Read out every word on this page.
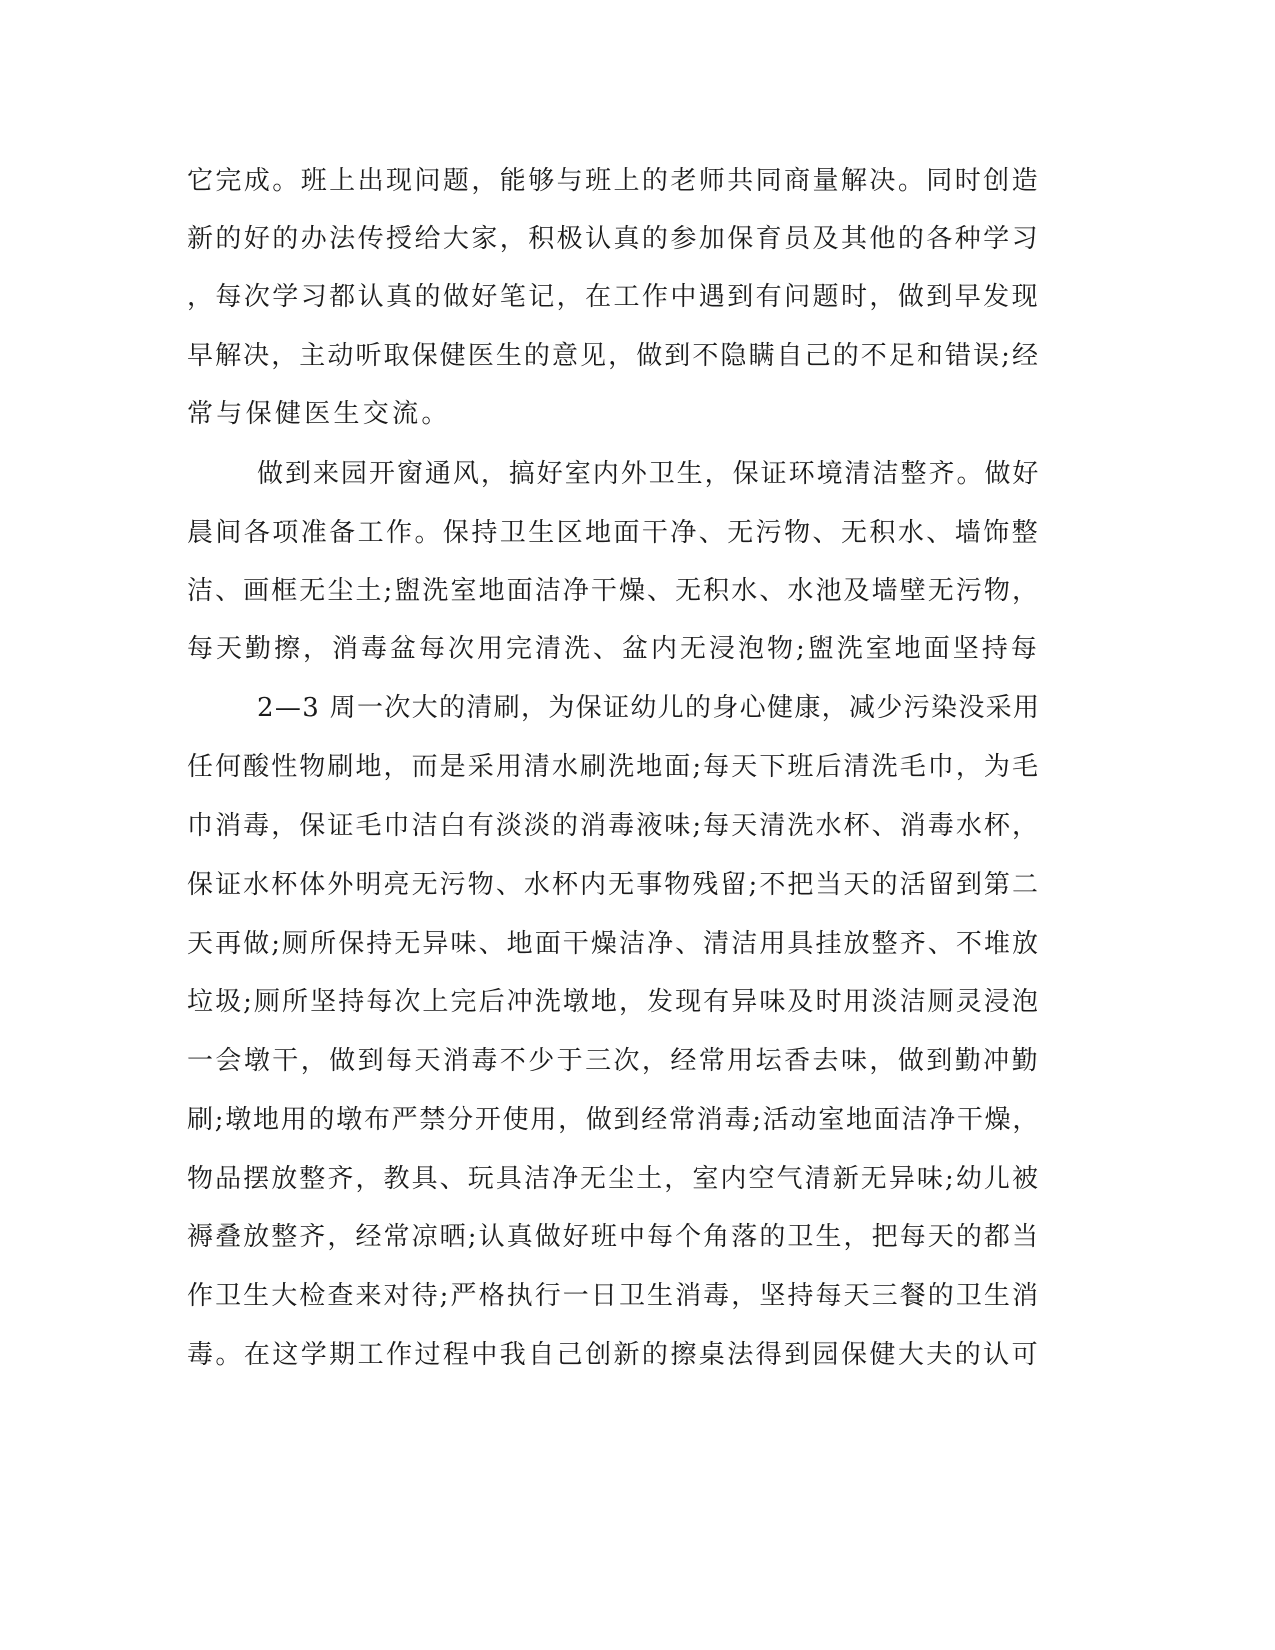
它完成。班上出现问题，能够与班上的老师共同商量解决。同时创造
新的好的办法传授给大家，积极认真的参加保育员及其他的各种学习
，每次学习都认真的做好笔记，在工作中遇到有问题时，做到早发现
早解决，主动听取保健医生的意见，做到不隐瞒自己的不足和错误;经
常与保健医生交流。
做到来园开窗通风，搞好室内外卫生，保证环境清洁整齐。做好
晨间各项准备工作。保持卫生区地面干净、无污物、无积水、墙饰整
洁、画框无尘土;盥洗室地面洁净干燥、无积水、水池及墙壁无污物，
每天勤擦，消毒盆每次用完清洗、盆内无浸泡物;盥洗室地面坚持每
2—3 周一次大的清刷，为保证幼儿的身心健康，减少污染没采用
任何酸性物刷地，而是采用清水刷洗地面;每天下班后清洗毛巾，为毛
巾消毒，保证毛巾洁白有淡淡的消毒液味;每天清洗水杯、消毒水杯，
保证水杯体外明亮无污物、水杯内无事物残留;不把当天的活留到第二
天再做;厕所保持无异味、地面干燥洁净、清洁用具挂放整齐、不堆放
垃圾;厕所坚持每次上完后冲洗墩地，发现有异味及时用淡洁厕灵浸泡
一会墩干，做到每天消毒不少于三次，经常用坛香去味，做到勤冲勤
刷;墩地用的墩布严禁分开使用，做到经常消毒;活动室地面洁净干燥，
物品摆放整齐，教具、玩具洁净无尘土，室内空气清新无异味;幼儿被
褥叠放整齐，经常凉晒;认真做好班中每个角落的卫生，把每天的都当
作卫生大检查来对待;严格执行一日卫生消毒，坚持每天三餐的卫生消
毒。在这学期工作过程中我自己创新的擦桌法得到园保健大夫的认可
